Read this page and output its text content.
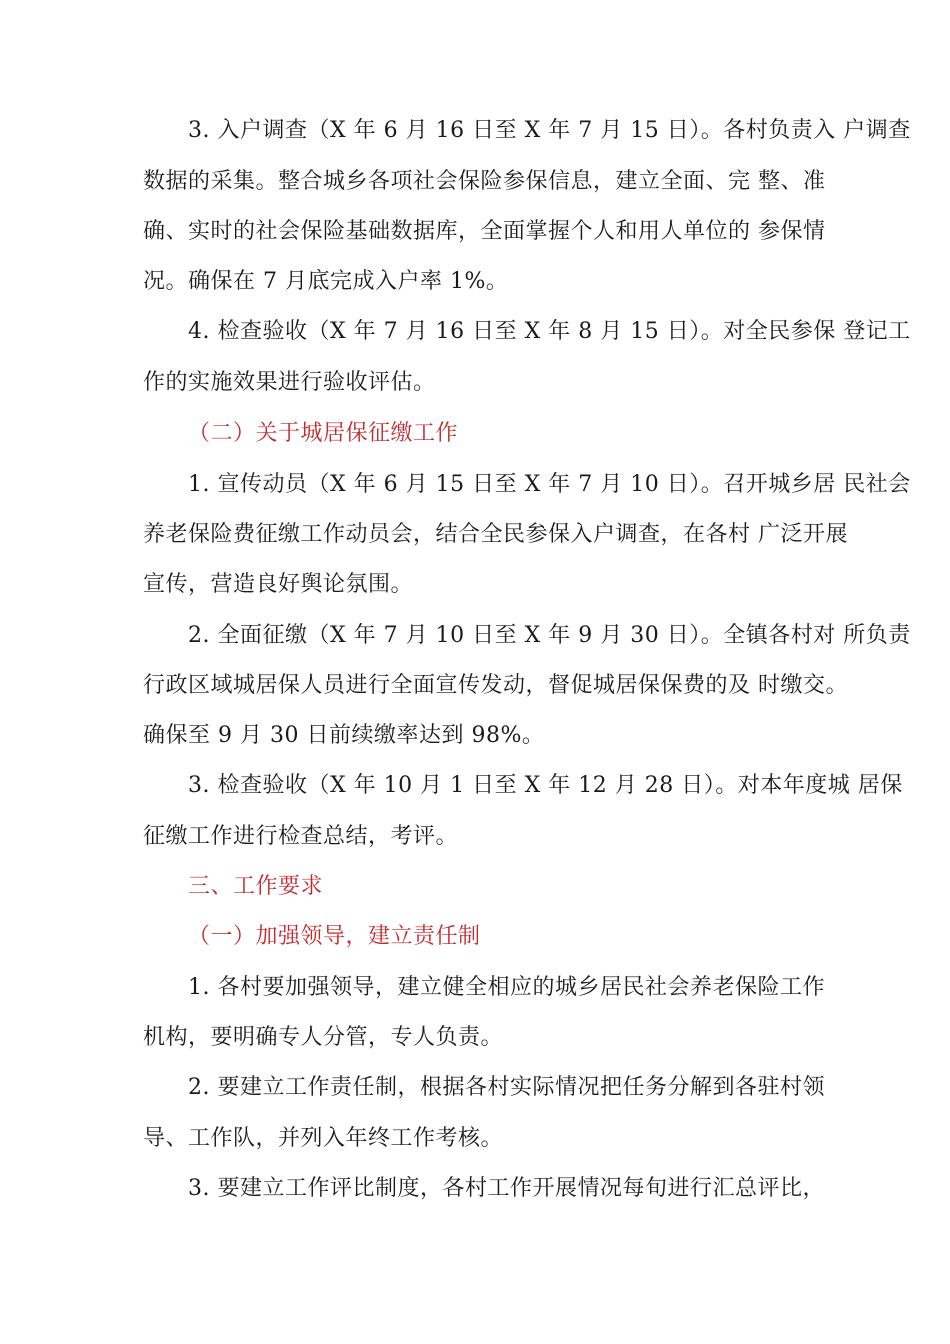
3. 入户调查（X 年 6 月 16 日至 X 年 7 月 15 日）。各村负责入 户调查
数据的采集。整合城乡各项社会保险参保信息，建立全面、完 整、准
确、实时的社会保险基础数据库，全面掌握个人和用人单位的 参保情
况。确保在 7 月底完成入户率 1%。
4. 检查验收（X 年 7 月 16 日至 X 年 8 月 15 日）。对全民参保 登记工
作的实施效果进行验收评估。
（二）关于城居保征缴工作
1. 宣传动员（X 年 6 月 15 日至 X 年 7 月 10 日）。召开城乡居 民社会
养老保险费征缴工作动员会，结合全民参保入户调查，在各村 广泛开展
宣传，营造良好舆论氛围。
2. 全面征缴（X 年 7 月 10 日至 X 年 9 月 30 日）。全镇各村对 所负责
行政区域城居保人员进行全面宣传发动，督促城居保保费的及 时缴交。
确保至 9 月 30 日前续缴率达到 98%。
3. 检查验收（X 年 10 月 1 日至 X 年 12 月 28 日）。对本年度城 居保
征缴工作进行检查总结，考评。
三、工作要求
（一）加强领导，建立责任制
1. 各村要加强领导，建立健全相应的城乡居民社会养老保险工作
机构，要明确专人分管，专人负责。
2. 要建立工作责任制，根据各村实际情况把任务分解到各驻村领
导、工作队，并列入年终工作考核。
3. 要建立工作评比制度，各村工作开展情况每旬进行汇总评比，
